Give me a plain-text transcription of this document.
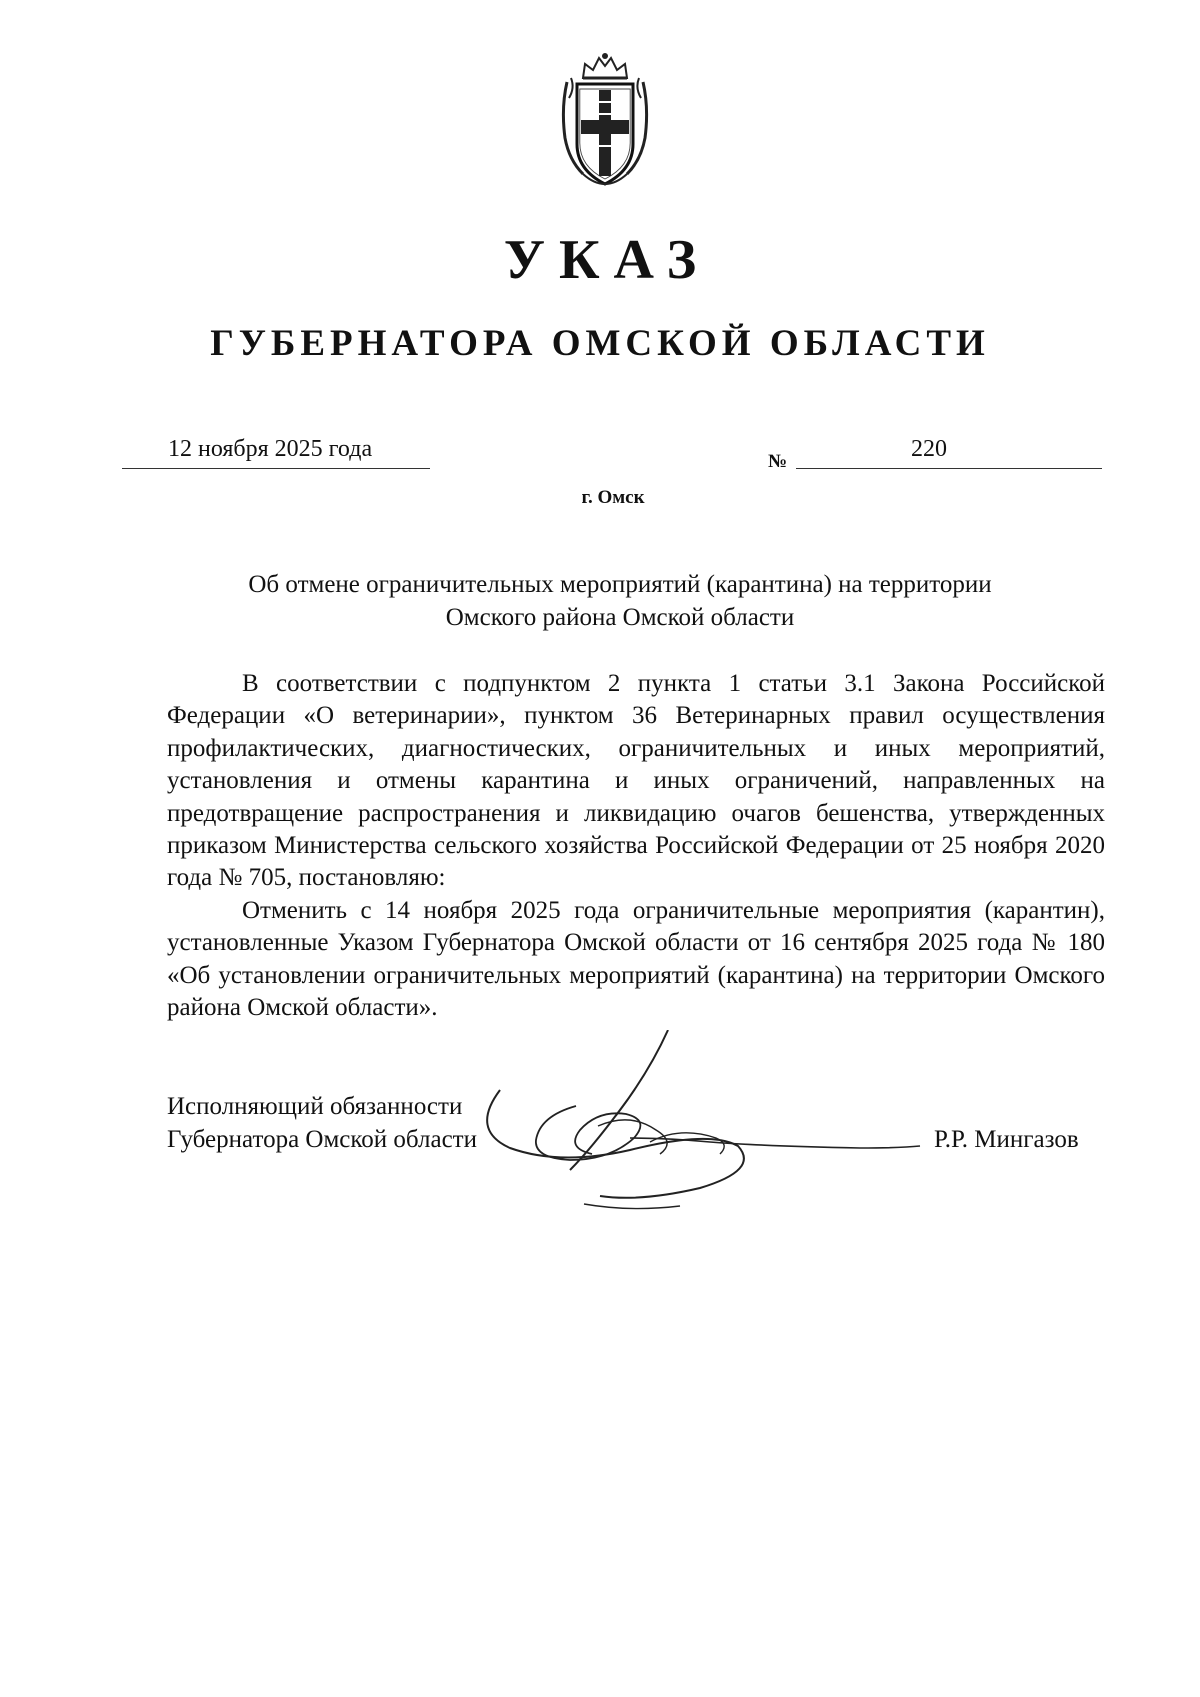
УКАЗ
ГУБЕРНАТОРА ОМСКОЙ ОБЛАСТИ
12 ноября 2025 года	№	220
г. Омск
Об отмене ограничительных мероприятий (карантина) на территории
Омского района Омской области

В соответствии с подпунктом 2 пункта 1 статьи 3.1 Закона Российской Федерации «О ветеринарии», пунктом 36 Ветеринарных правил осуществления профилактических, диагностических, ограничительных и иных мероприятий, установления и отмены карантина и иных ограничений, направленных на предотвращение распространения и ликвидацию очагов бешенства, утвержденных приказом Министерства сельского хозяйства Российской Федерации от 25 ноября 2020 года № 705, постановляю:

Отменить с 14 ноября 2025 года ограничительные мероприятия (карантин), установленные Указом Губернатора Омской области от 16 сентября 2025 года № 180 «Об установлении ограничительных мероприятий (карантина) на территории Омского района Омской области».

Исполняющий обязанности
Губернатора Омской области	Р.Р. Мингазов
